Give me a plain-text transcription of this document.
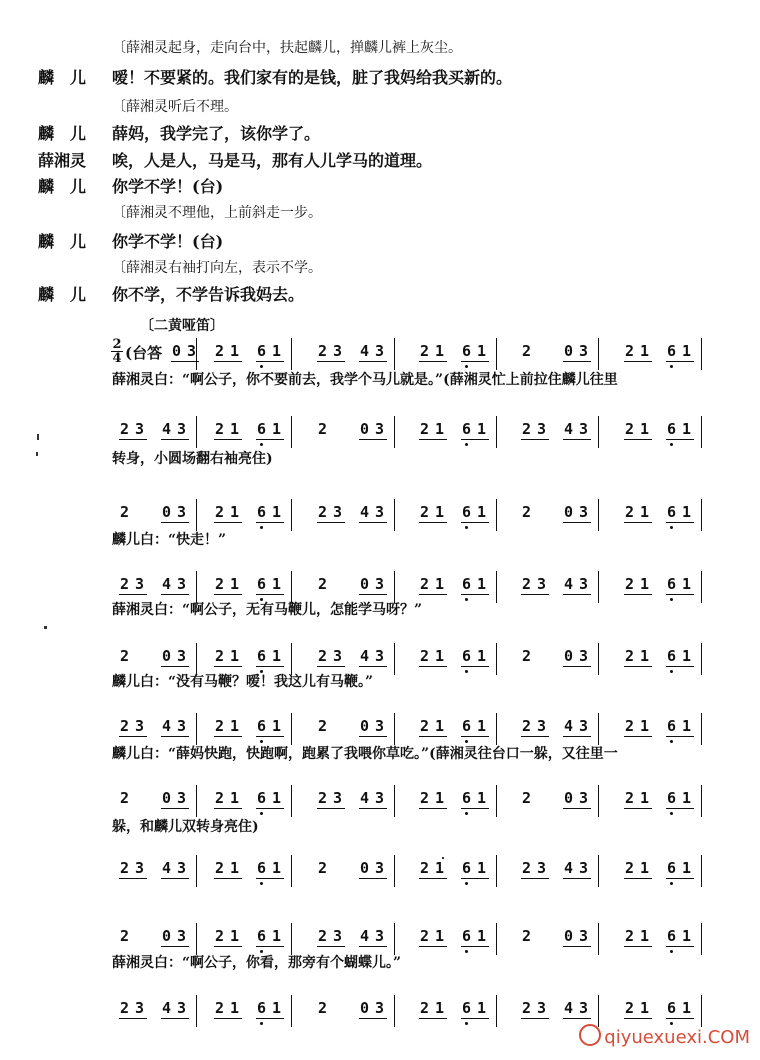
〔薛湘灵起身，走向台中，扶起麟儿，掸麟儿裤上灰尘。
麟　儿 嗳！不要紧的。我们家有的是钱，脏了我妈给我买新的。
〔薛湘灵听后不理。
麟　儿 薛妈，我学完了，该你学了。
薛湘灵 唉，人是人，马是马，那有人儿学马的道理。
麟　儿 你学不学！(台)
〔薛湘灵不理他，上前斜走一步。
麟　儿 你学不学！(台)
〔薛湘灵右袖打向左，表示不学。
麟　儿 你不学，不学告诉我妈去。
〔二黄哑笛〕
2
4 (台答 0 3 2 1 6 1 2 3 4 3 2 1 6 1 2 0 3 2 1 6 1
薛湘灵白：“啊公子，你不要前去，我学个马儿就是。”(薛湘灵忙上前拉住麟儿往里
2 3 4 3 2 1 6 1 2 0 3 2 1 6 1 2 3 4 3 2 1 6 1
转身，小圆场翻右袖亮住)
2 0 3 2 1 6 1 2 3 4 3 2 1 6 1 2 0 3 2 1 6 1
麟儿白：“快走！”
2 3 4 3 2 1 6 1 2 0 3 2 1 6 1 2 3 4 3 2 1 6 1
薛湘灵白：“啊公子，无有马鞭儿，怎能学马呀？”
2 0 3 2 1 6 1 2 3 4 3 2 1 6 1 2 0 3 2 1 6 1
麟儿白：“没有马鞭？嗳！我这儿有马鞭。”
2 3 4 3 2 1 6 1 2 0 3 2 1 6 1 2 3 4 3 2 1 6 1
麟儿白：“薛妈快跑，快跑啊，跑累了我喂你草吃。”(薛湘灵往台口一躲，又往里一
2 0 3 2 1 6 1 2 3 4 3 2 1 6 1 2 0 3 2 1 6 1
躲，和麟儿双转身亮住)
2 3 4 3 2 1 6 1 2 0 3 2 1 6 1 2 3 4 3 2 1 6 1
2 0 3 2 1 6 1 2 3 4 3 2 1 6 1 2 0 3 2 1 6 1
薛湘灵白：“啊公子，你看，那旁有个蝴蝶儿。”
2 3 4 3 2 1 6 1 2 0 3 2 1 6 1 2 3 4 3 2 1 6 1
qiyuexuexi.COM
